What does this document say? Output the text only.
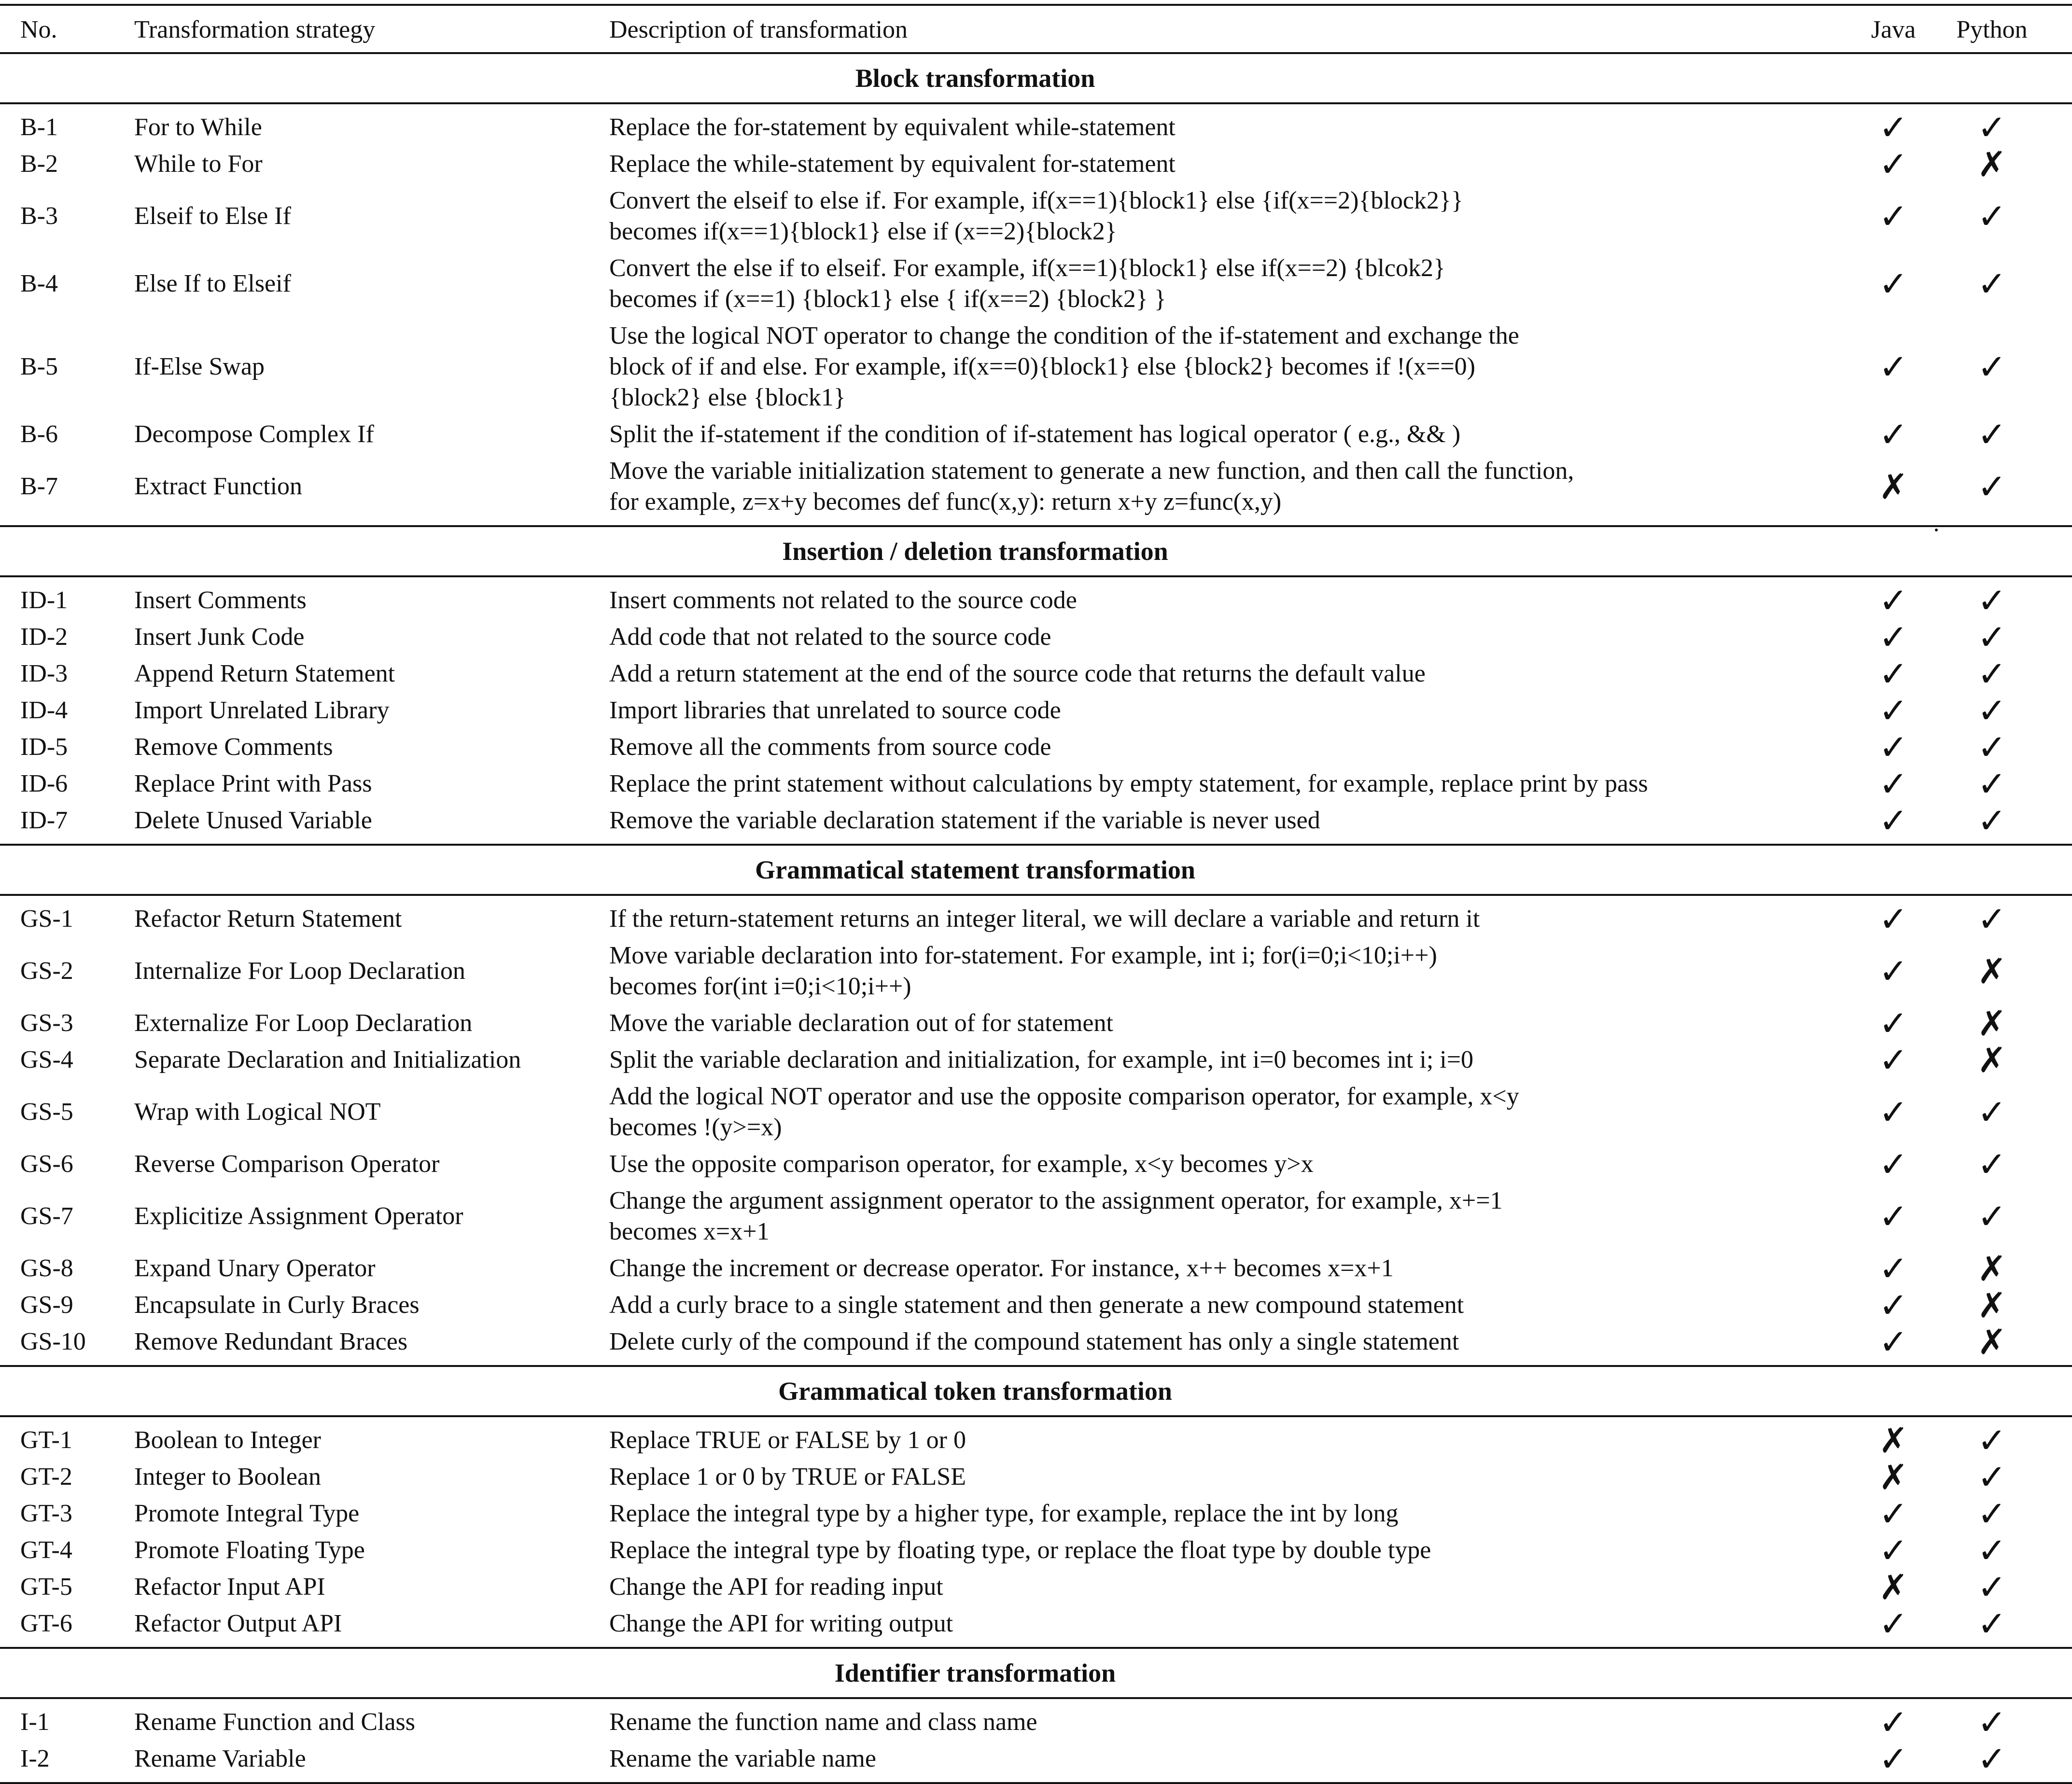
No.	Transformation strategy	Description of transformation	Java Python
Block transformation
B-1	For to While	Replace the for-statement by equivalent while-statement	✓ ✓
B-2	While to For	Replace the while-statement by equivalent for-statement	✓ ✗
B-3	Elseif to Else If
Convert the elseif to else if. For example, if(x==1){block1} else {if(x==2){block2}}
becomes if(x==1){block1} else if (x==2){block2}	✓ ✓
B-4	Else If to Elseif
Convert the else if to elseif. For example, if(x==1){block1} else if(x==2) {blcok2}
becomes if (x==1) {block1} else { if(x==2) {block2} }	✓ ✓
B-5	If-Else Swap
Use the logical NOT operator to change the condition of the if-statement and exchange the
block of if and else. For example, if(x==0){block1} else {block2} becomes if !(x==0)
{block2} else {block1}
✓ ✓
B-6	Decompose Complex If	Split the if-statement if the condition of if-statement has logical operator ( e.g., && )	✓ ✓
B-7	Extract Function
Move the variable initialization statement to generate a new function, and then call the function,
for example, z=x+y becomes def func(x,y): return x+y z=func(x,y)	✗ ✓
Insertion / deletion transformation
ID-1	Insert Comments	Insert comments not related to the source code	✓ ✓
ID-2	Insert Junk Code	Add code that not related to the source code	✓ ✓
ID-3	Append Return Statement	Add a return statement at the end of the source code that returns the default value	✓ ✓
ID-4	Import Unrelated Library	Import libraries that unrelated to source code	✓ ✓
ID-5	Remove Comments	Remove all the comments from source code	✓ ✓
ID-6	Replace Print with Pass	Replace the print statement without calculations by empty statement, for example, replace print by pass	✓ ✓
ID-7	Delete Unused Variable	Remove the variable declaration statement if the variable is never used	✓ ✓
Grammatical statement transformation
GS-1 Refactor Return Statement	If the return-statement returns an integer literal, we will declare a variable and return it	✓ ✓
GS-2 Internalize For Loop Declaration
Move variable declaration into for-statement. For example, int i; for(i=0;i<10;i++)
becomes for(int i=0;i<10;i++)	✓ ✗
GS-3 Externalize For Loop Declaration	Move the variable declaration out of for statement	✓ ✗
GS-4 Separate Declaration and Initialization	Split the variable declaration and initialization, for example, int i=0 becomes int i; i=0	✓ ✗
GS-5 Wrap with Logical NOT
Add the logical NOT operator and use the opposite comparison operator, for example, x<y
becomes !(y>=x)	✓ ✓
GS-6 Reverse Comparison Operator	Use the opposite comparison operator, for example, x<y becomes y>x	✓ ✓
GS-7 Explicitize Assignment Operator
Change the argument assignment operator to the assignment operator, for example, x+=1
becomes x=x+1	✓ ✓
GS-8 Expand Unary Operator	Change the increment or decrease operator. For instance, x++ becomes x=x+1	✓ ✗
GS-9 Encapsulate in Curly Braces	Add a curly brace to a single statement and then generate a new compound statement	✓ ✗
GS-10 Remove Redundant Braces	Delete curly of the compound if the compound statement has only a single statement	✓ ✗
Grammatical token transformation
GT-1 Boolean to Integer	Replace TRUE or FALSE by 1 or 0	✗ ✓
GT-2 Integer to Boolean	Replace 1 or 0 by TRUE or FALSE	✗ ✓
GT-3 Promote Integral Type	Replace the integral type by a higher type, for example, replace the int by long	✓ ✓
GT-4 Promote Floating Type	Replace the integral type by floating type, or replace the float type by double type	✓ ✓
GT-5 Refactor Input API	Change the API for reading input	✗ ✓
GT-6 Refactor Output API	Change the API for writing output	✓ ✓
Identifier transformation
I-1	Rename Function and Class	Rename the function name and class name	✓ ✓
I-2	Rename Variable	Rename the variable name	✓ ✓
